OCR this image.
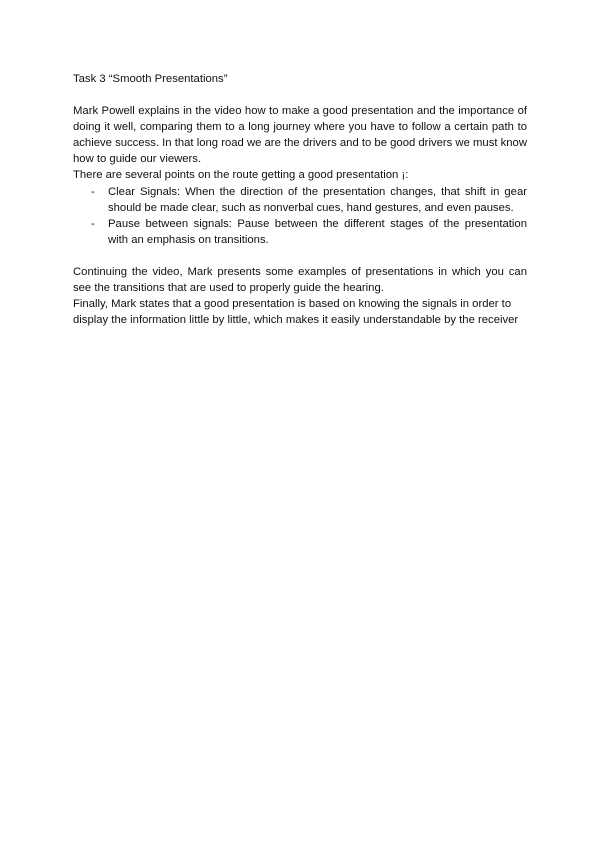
Task 3 “Smooth Presentations”

Mark Powell explains in the video how to make a good presentation and the importance of doing it well, comparing them to a long journey where you have to follow a certain path to achieve success. In that long road we are the drivers and to be good drivers we must know how to guide our viewers.

There are several points on the route getting a good presentation ¡:

- Clear Signals: When the direction of the presentation changes, that shift in gear should be made clear, such as nonverbal cues, hand gestures, and even pauses.
- Pause between signals: Pause between the different stages of the presentation with an emphasis on transitions.

Continuing the video, Mark presents some examples of presentations in which you can see the transitions that are used to properly guide the hearing.

Finally, Mark states that a good presentation is based on knowing the signals in order to display the information little by little, which makes it easily understandable by the receiver
